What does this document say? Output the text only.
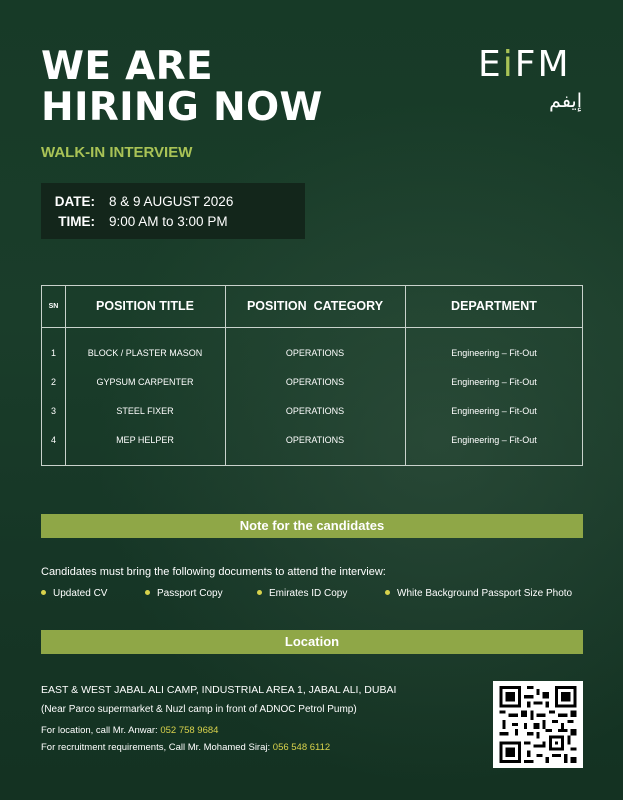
WE ARE
HIRING NOW
EiFM
إيفم
WALK-IN INTERVIEW
DATE: 8 & 9 AUGUST 2026
TIME: 9:00 AM to 3:00 PM
SN	POSITION TITLE	POSITION  CATEGORY	DEPARTMENT
1	BLOCK / PLASTER MASON	OPERATIONS	Engineering – Fit-Out
2	GYPSUM CARPENTER	OPERATIONS	Engineering – Fit-Out
3	STEEL FIXER	OPERATIONS	Engineering – Fit-Out
4	MEP HELPER	OPERATIONS	Engineering – Fit-Out
Note for the candidates
Candidates must bring the following documents to attend the interview:
Updated CV	Passport Copy	Emirates ID Copy	White Background Passport Size Photo
Location
EAST & WEST JABAL ALI CAMP, INDUSTRIAL AREA 1, JABAL ALI, DUBAI
(Near Parco supermarket & Nuzl camp in front of ADNOC Petrol Pump)
For location, call Mr. Anwar: 052 758 9684
For recruitment requirements, Call Mr. Mohamed Siraj: 056 548 6112
